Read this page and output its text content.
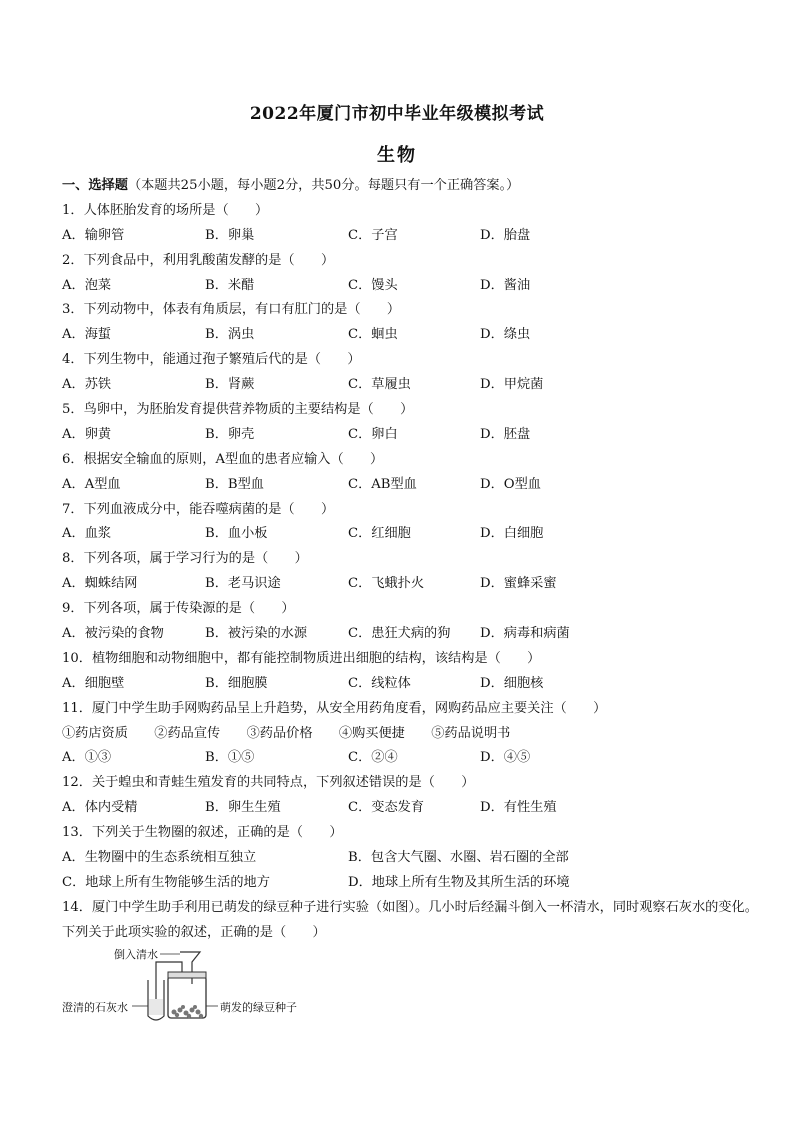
2022年厦门市初中毕业年级模拟考试
生物
一、选择题（本题共25小题，每小题2分，共50分。每题只有一个正确答案。）
1．人体胚胎发育的场所是（　　）
A．输卵管	B．卵巢	C．子宫	D．胎盘
2．下列食品中，利用乳酸菌发酵的是（　　）
A．泡菜	B．米醋	C．馒头	D．酱油
3．下列动物中，体表有角质层，有口有肛门的是（　　）
A．海蜇	B．涡虫	C．蛔虫	D．绦虫
4．下列生物中，能通过孢子繁殖后代的是（　　）
A．苏铁	B．肾蕨	C．草履虫	D．甲烷菌
5．鸟卵中，为胚胎发育提供营养物质的主要结构是（　　）
A．卵黄	B．卵壳	C．卵白	D．胚盘
6．根据安全输血的原则，A型血的患者应输入（　　）
A．A型血	B．B型血	C．AB型血	D．O型血
7．下列血液成分中，能吞噬病菌的是（　　）
A．血浆	B．血小板	C．红细胞	D．白细胞
8．下列各项，属于学习行为的是（　　）
A．蜘蛛结网	B．老马识途	C．飞蛾扑火	D．蜜蜂采蜜
9．下列各项，属于传染源的是（　　）
A．被污染的食物	B．被污染的水源	C．患狂犬病的狗 D．病毒和病菌
10．植物细胞和动物细胞中，都有能控制物质进出细胞的结构，该结构是（　　）
A．细胞壁	B．细胞膜	C．线粒体	D．细胞核
11．厦门中学生助手网购药品呈上升趋势，从安全用药角度看，网购药品应主要关注（　　）
①药店资质　　②药品宣传　　③药品价格　　④购买便捷　　⑤药品说明书
A．①③	B．①⑤	C．②④	D．④⑤
12．关于蝗虫和青蛙生殖发育的共同特点，下列叙述错误的是（　　）
A．体内受精	B．卵生生殖	C．变态发育	D．有性生殖
13．下列关于生物圈的叙述，正确的是（　　）
A．生物圈中的生态系统相互独立	B．包含大气圈、水圈、岩石圈的全部
C．地球上所有生物能够生活的地方	D．地球上所有生物及其所生活的环境
14．厦门中学生助手利用已萌发的绿豆种子进行实验（如图）。几小时后经漏斗倒入一杯清水，同时观察石灰水的变化。下列关于此项实验的叙述，正确的是（　　）
倒入清水
澄清的石灰水	萌发的绿豆种子
